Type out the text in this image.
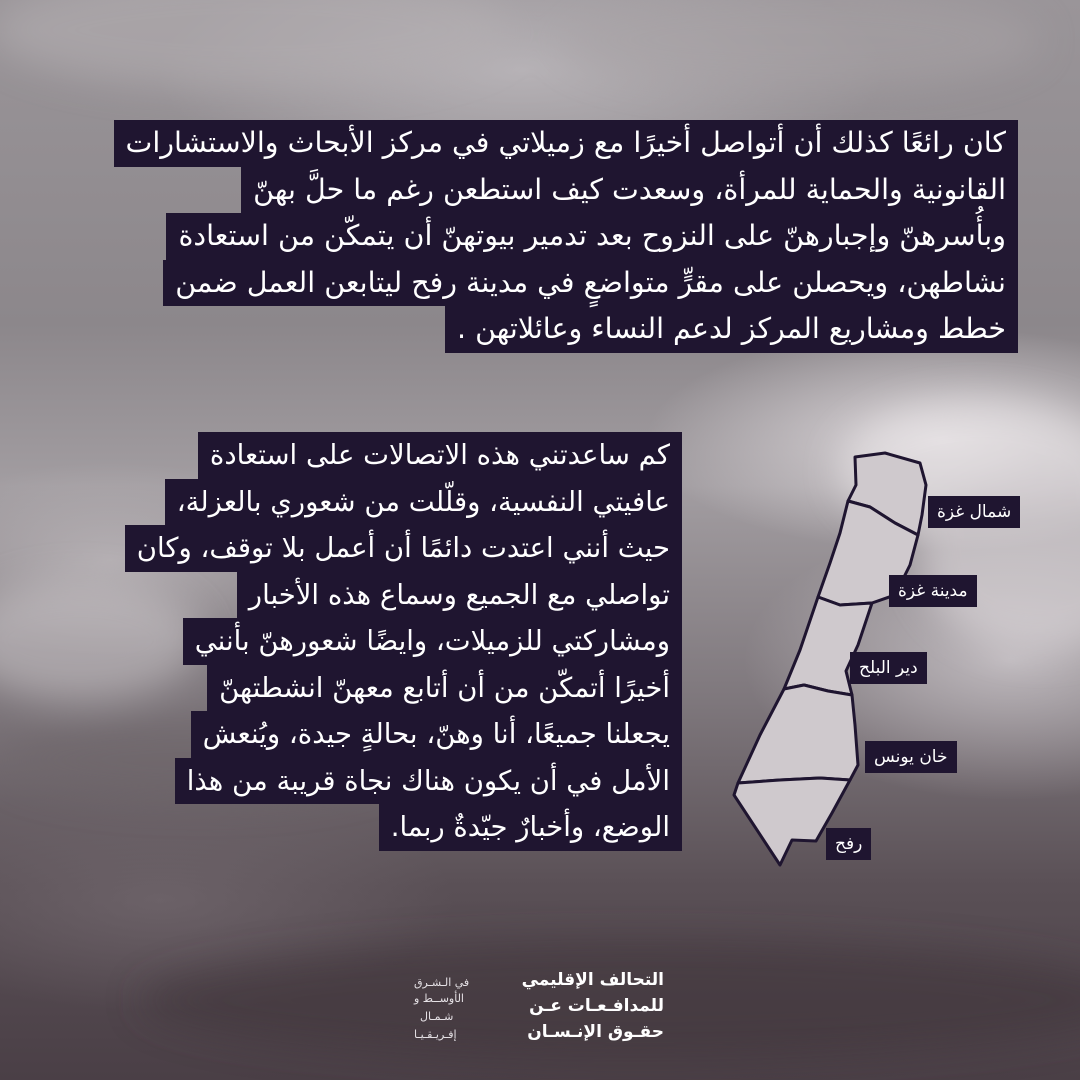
كان رائعًا كذلك أن أتواصل أخيرًا مع زميلاتي في مركز الأبحاث والاستشارات
القانونية والحماية للمرأة، وسعدت كيف استطعن رغم ما حلَّ بهنّ
وبأُسرهنّ وإجبارهنّ على النزوح بعد تدمير بيوتهنّ أن يتمكّن من استعادة
نشاطهن، ويحصلن على مقرٍّ متواضعٍ في مدينة رفح ليتابعن العمل ضمن
خطط ومشاريع المركز لدعم النساء وعائلاتهن .
كم ساعدتني هذه الاتصالات على استعادة
عافيتي النفسية، وقلّلت من شعوري بالعزلة،
حيث أنني اعتدت دائمًا أن أعمل بلا توقف، وكان
تواصلي مع الجميع وسماع هذه الأخبار
ومشاركتي للزميلات، وايضًا شعورهنّ بأنني
أخيرًا أتمكّن من أن أتابع معهنّ انشطتهنّ
يجعلنا جميعًا، أنا وهنّ، بحالةٍ جيدة، ويُنعش
الأمل في أن يكون هناك نجاة قريبة من هذا
الوضع، وأخبارٌ جيّدةٌ ربما.
شمال غزة
مدينة غزة
دير البلح
خان يونس
رفح
التحالف الإقليمي
للمدافـعـات عـن
حقـوق الإنـسـان
في الـشـرق
الأوســط و
شـمـال
إفـريـقـيـا
